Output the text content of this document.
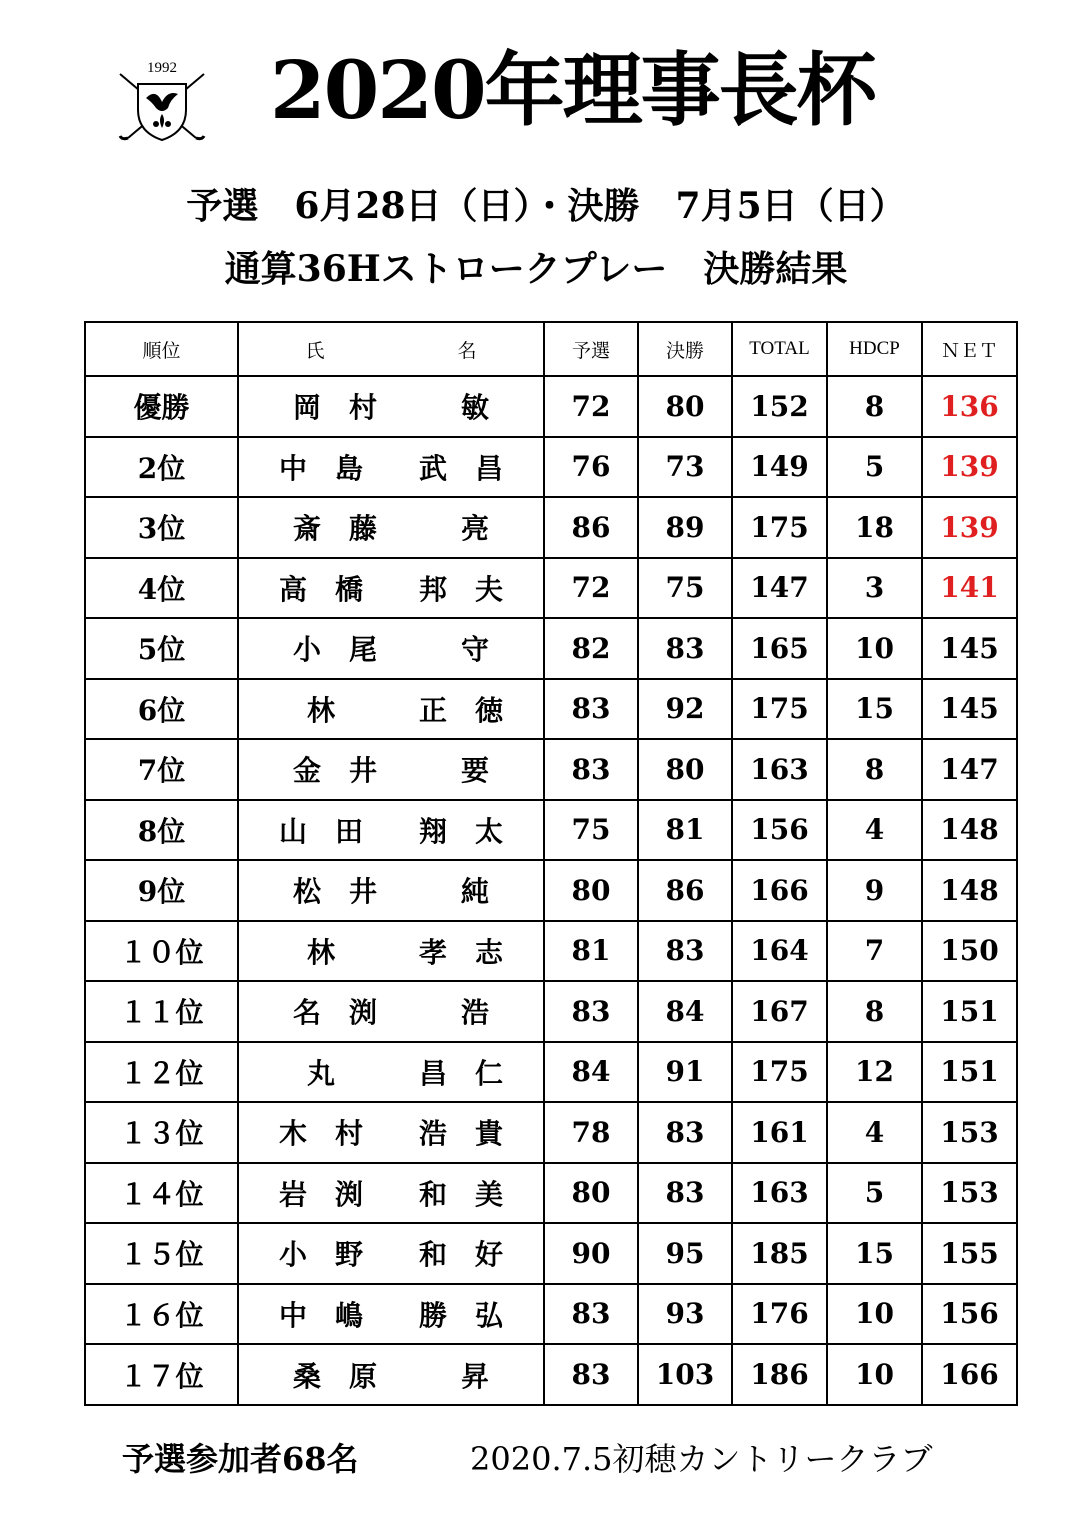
1992	2020年理事長杯
予選　6月28日（日）・決勝　7月5日（日）
通算36Hストロークプレー　決勝結果
順位	氏　　　　　　　名	予選	決勝	TOTAL	HDCP	ＮＥＴ
優勝	岡　村　　　敏	72	80	152	8	136
2位	中　島　　武　昌	76	73	149	5	139
3位	斎　藤　　　亮	86	89	175	18	139
4位	高　橋　　邦　夫	72	75	147	3	141
5位	小　尾　　　守	82	83	165	10	145
6位	　林　　　正　徳	83	92	175	15	145
7位	金　井　　　要	83	80	163	8	147
8位	山　田　　翔　太	75	81	156	4	148
9位	松　井　　　純	80	86	166	9	148
１０位	　林　　　孝　志	81	83	164	7	150
１１位	名　渕　　　浩	83	84	167	8	151
１２位	　丸　　　昌　仁	84	91	175	12	151
１３位	木　村　　浩　貴	78	83	161	4	153
１４位	岩　渕　　和　美	80	83	163	5	153
１５位	小　野　　和　好	90	95	185	15	155
１６位	中　嶋　　勝　弘	83	93	176	10	156
１７位	桑　原　　　昇	83	103	186	10	166
予選参加者68名	2020.7.5初穂カントリークラブ
